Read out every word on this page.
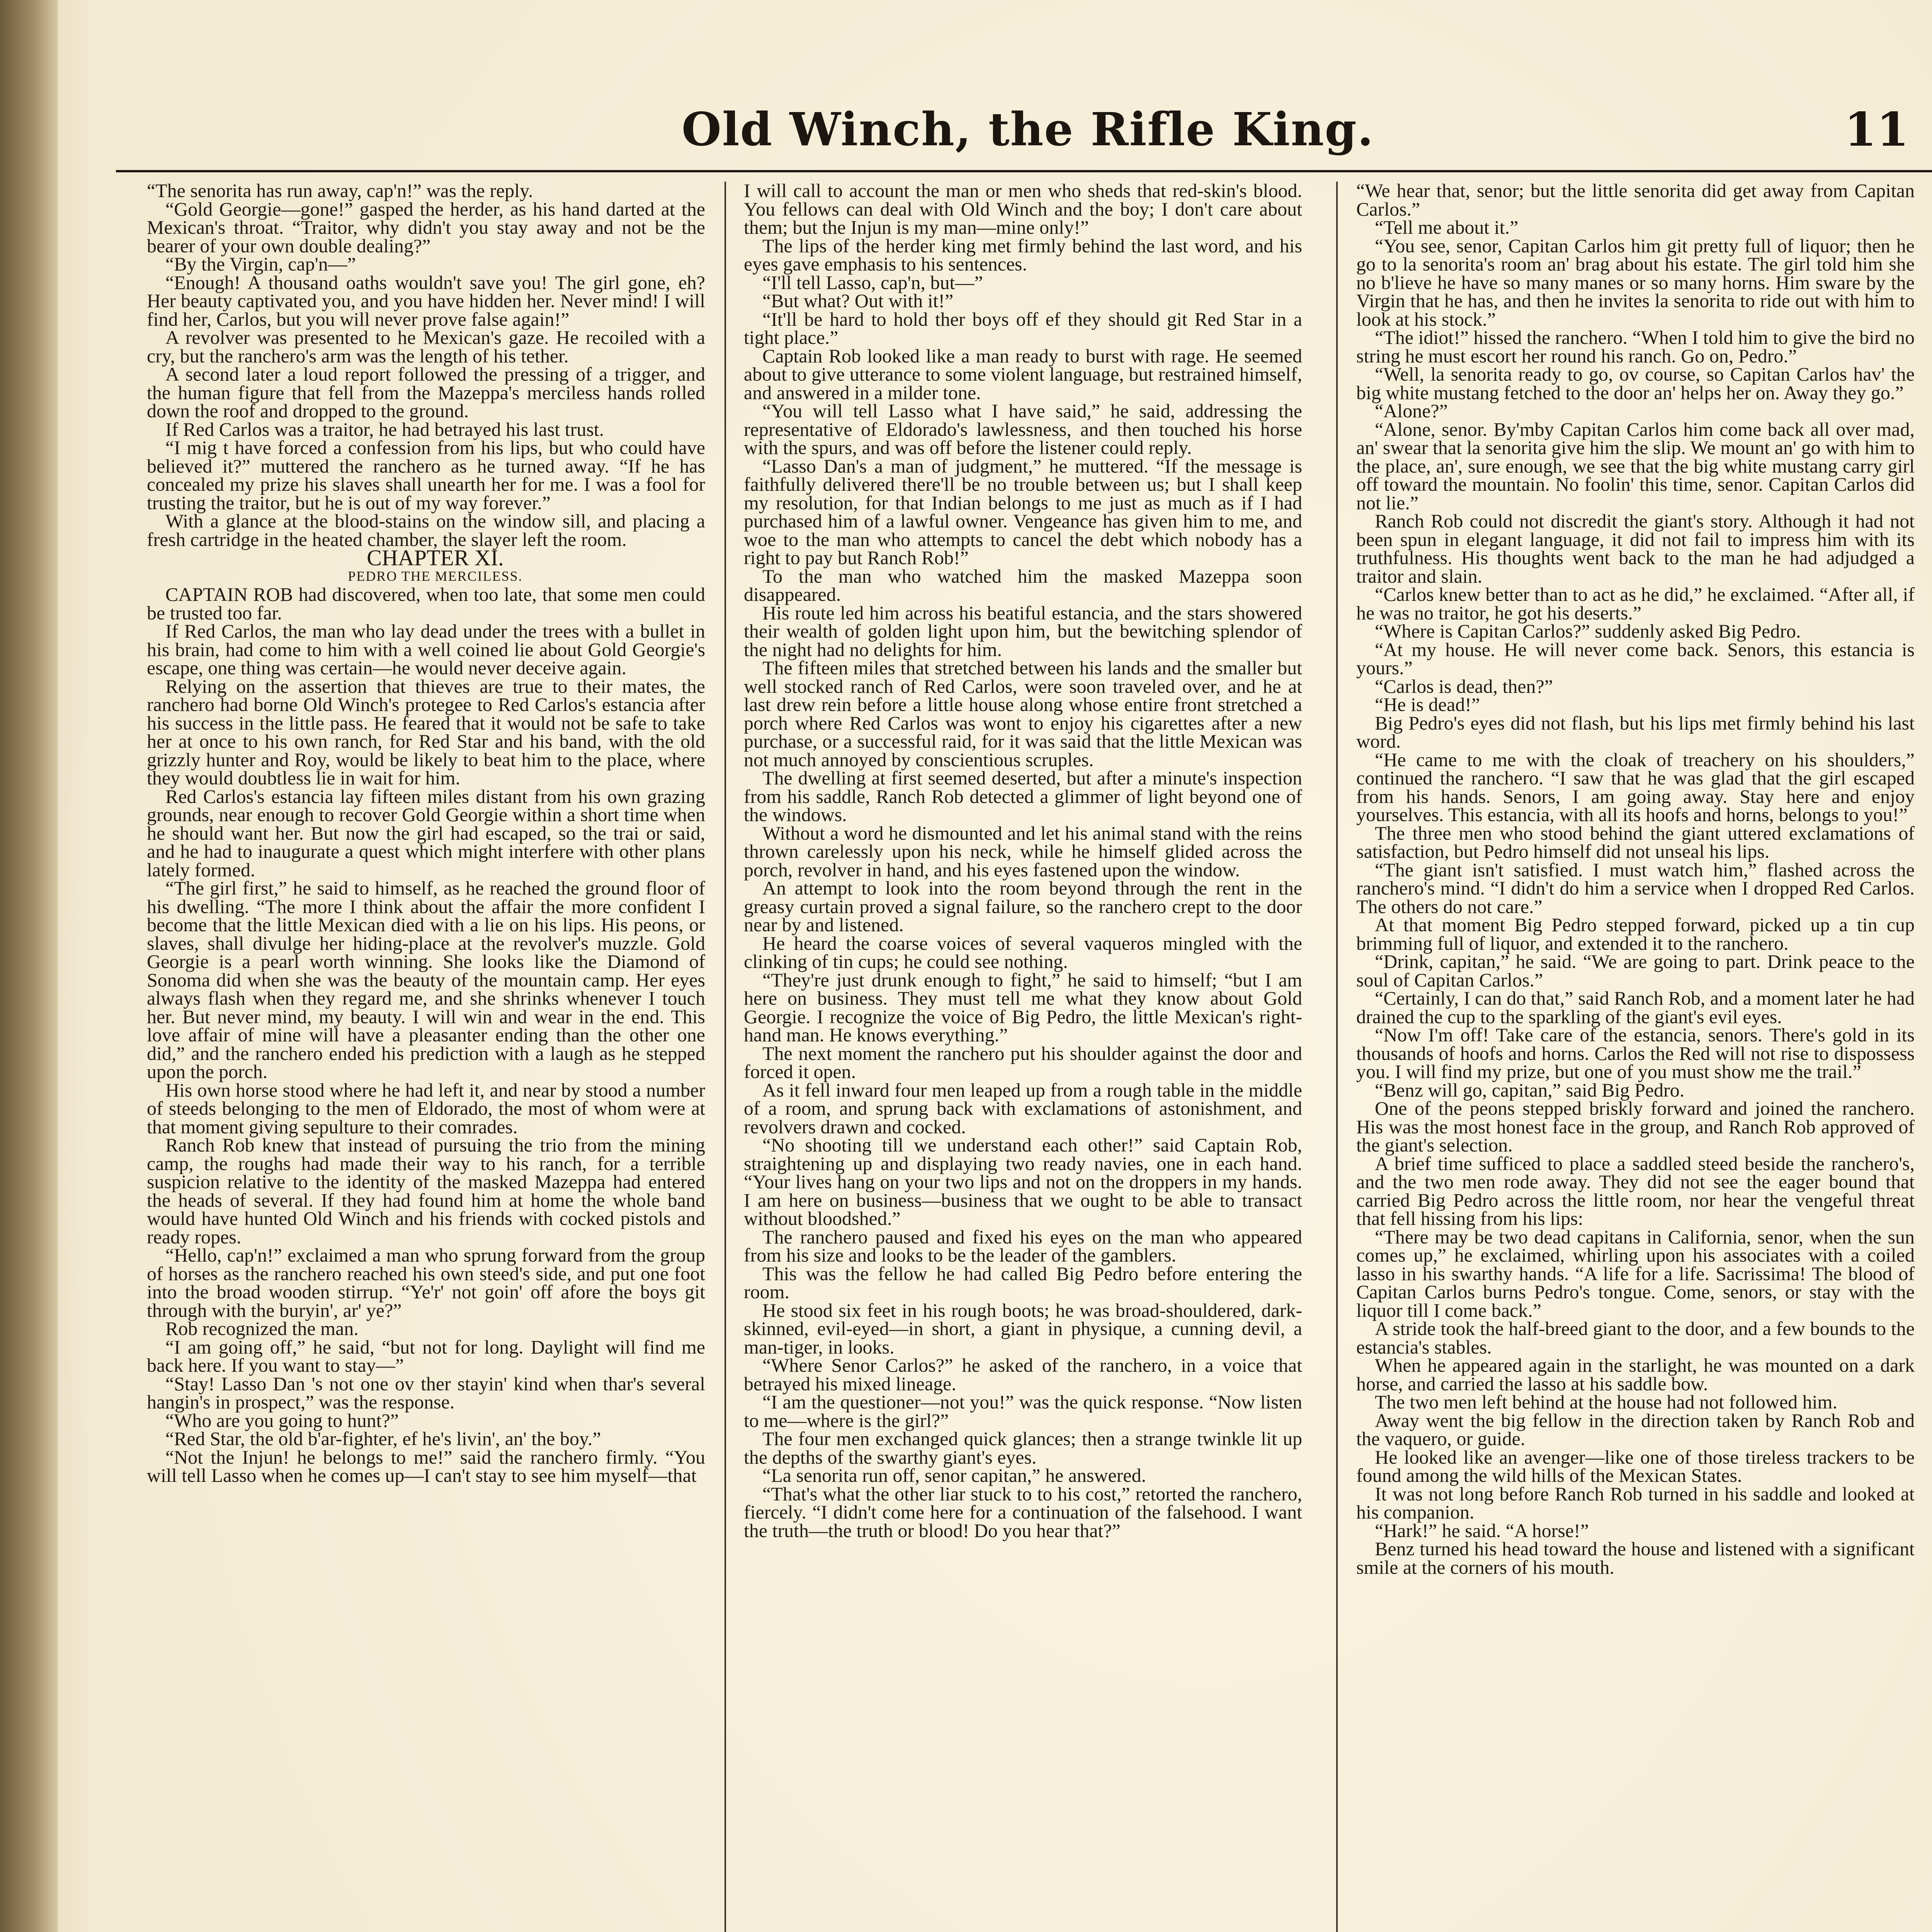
Old Winch, the Rifle King.	11

“The senorita has run away, cap'n!” was the reply.

“Gold Georgie—gone!” gasped the herder, as his hand darted at the Mexican's throat. “Traitor, why didn't you stay away and not be the bearer of your own double dealing?”

“By the Virgin, cap'n—”

“Enough! A thousand oaths wouldn't save you! The girl gone, eh? Her beauty captivated you, and you have hidden her. Never mind! I will find her, Carlos, but you will never prove false again!”

A revolver was presented to he Mexican's gaze. He recoiled with a cry, but the ranchero's arm was the length of his tether.

A second later a loud report followed the pressing of a trigger, and the human figure that fell from the Mazeppa's merciless hands rolled down the roof and dropped to the ground.

If Red Carlos was a traitor, he had betrayed his last trust.

“I mig t have forced a confession from his lips, but who could have believed it?” muttered the ranchero as he turned away. “If he has concealed my prize his slaves shall unearth her for me. I was a fool for trusting the traitor, but he is out of my way forever.”

With a glance at the blood-stains on the window sill, and placing a fresh cartridge in the heated chamber, the slayer left the room.

CHAPTER XI.

PEDRO THE MERCILESS.

CAPTAIN ROB had discovered, when too late, that some men could be trusted too far.

If Red Carlos, the man who lay dead under the trees with a bullet in his brain, had come to him with a well coined lie about Gold Georgie's escape, one thing was certain—he would never deceive again.

Relying on the assertion that thieves are true to their mates, the ranchero had borne Old Winch's protegee to Red Carlos's estancia after his success in the little pass. He feared that it would not be safe to take her at once to his own ranch, for Red Star and his band, with the old grizzly hunter and Roy, would be likely to beat him to the place, where they would doubtless lie in wait for him.

Red Carlos's estancia lay fifteen miles distant from his own grazing grounds, near enough to recover Gold Georgie within a short time when he should want her. But now the girl had escaped, so the trai or said, and he had to inaugurate a quest which might interfere with other plans lately formed.

“The girl first,” he said to himself, as he reached the ground floor of his dwelling. “The more I think about the affair the more confident I become that the little Mexican died with a lie on his lips. His peons, or slaves, shall divulge her hiding-place at the revolver's muzzle. Gold Georgie is a pearl worth winning. She looks like the Diamond of Sonoma did when she was the beauty of the mountain camp. Her eyes always flash when they regard me, and she shrinks whenever I touch her. But never mind, my beauty. I will win and wear in the end. This love affair of mine will have a pleasanter ending than the other one did,” and the ranchero ended his prediction with a laugh as he stepped upon the porch.

His own horse stood where he had left it, and near by stood a number of steeds belonging to the men of Eldorado, the most of whom were at that moment giving sepulture to their comrades.

Ranch Rob knew that instead of pursuing the trio from the mining camp, the roughs had made their way to his ranch, for a terrible suspicion relative to the identity of the masked Mazeppa had entered the heads of several. If they had found him at home the whole band would have hunted Old Winch and his friends with cocked pistols and ready ropes.

“Hello, cap'n!” exclaimed a man who sprung forward from the group of horses as the ranchero reached his own steed's side, and put one foot into the broad wooden stirrup. “Ye'r' not goin' off afore the boys git through with the buryin', ar' ye?”

Rob recognized the man.

“I am going off,” he said, “but not for long. Daylight will find me back here. If you want to stay—”

“Stay! Lasso Dan 's not one ov ther stayin' kind when thar's several hangin's in prospect,” was the response.

“Who are you going to hunt?”

“Red Star, the old b'ar-fighter, ef he's livin', an' the boy.”

“Not the Injun! he belongs to me!” said the ranchero firmly. “You will tell Lasso when he comes up—I can't stay to see him myself—that

I will call to account the man or men who sheds that red-skin's blood. You fellows can deal with Old Winch and the boy; I don't care about them; but the Injun is my man—mine only!”

The lips of the herder king met firmly behind the last word, and his eyes gave emphasis to his sentences.

“I'll tell Lasso, cap'n, but—”

“But what? Out with it!”

“It'll be hard to hold ther boys off ef they should git Red Star in a tight place.”

Captain Rob looked like a man ready to burst with rage. He seemed about to give utterance to some violent language, but restrained himself, and answered in a milder tone.

“You will tell Lasso what I have said,” he said, addressing the representative of Eldorado's lawlessness, and then touched his horse with the spurs, and was off before the listener could reply.

“Lasso Dan's a man of judgment,” he muttered. “If the message is faithfully delivered there'll be no trouble between us; but I shall keep my resolution, for that Indian belongs to me just as much as if I had purchased him of a lawful owner. Vengeance has given him to me, and woe to the man who attempts to cancel the debt which nobody has a right to pay but Ranch Rob!”

To the man who watched him the masked Mazeppa soon disappeared.

His route led him across his beatiful estancia, and the stars showered their wealth of golden light upon him, but the bewitching splendor of the night had no delights for him.

The fifteen miles that stretched between his lands and the smaller but well stocked ranch of Red Carlos, were soon traveled over, and he at last drew rein before a little house along whose entire front stretched a porch where Red Carlos was wont to enjoy his cigarettes after a new purchase, or a successful raid, for it was said that the little Mexican was not much annoyed by conscientious scruples.

The dwelling at first seemed deserted, but after a minute's inspection from his saddle, Ranch Rob detected a glimmer of light beyond one of the windows.

Without a word he dismounted and let his animal stand with the reins thrown carelessly upon his neck, while he himself glided across the porch, revolver in hand, and his eyes fastened upon the window.

An attempt to look into the room beyond through the rent in the greasy curtain proved a signal failure, so the ranchero crept to the door near by and listened.

He heard the coarse voices of several vaqueros mingled with the clinking of tin cups; he could see nothing.

“They're just drunk enough to fight,” he said to himself; “but I am here on business. They must tell me what they know about Gold Georgie. I recognize the voice of Big Pedro, the little Mexican's right-hand man. He knows everything.”

The next moment the ranchero put his shoulder against the door and forced it open.

As it fell inward four men leaped up from a rough table in the middle of a room, and sprung back with exclamations of astonishment, and revolvers drawn and cocked.

“No shooting till we understand each other!” said Captain Rob, straightening up and displaying two ready navies, one in each hand. “Your lives hang on your two lips and not on the droppers in my hands. I am here on business—business that we ought to be able to transact without bloodshed.”

The ranchero paused and fixed his eyes on the man who appeared from his size and looks to be the leader of the gamblers.

This was the fellow he had called Big Pedro before entering the room.

He stood six feet in his rough boots; he was broad-shouldered, dark-skinned, evil-eyed—in short, a giant in physique, a cunning devil, a man-tiger, in looks.

“Where Senor Carlos?” he asked of the ranchero, in a voice that betrayed his mixed lineage.

“I am the questioner—not you!” was the quick response. “Now listen to me—where is the girl?”

The four men exchanged quick glances; then a strange twinkle lit up the depths of the swarthy giant's eyes.

“La senorita run off, senor capitan,” he answered.

“That's what the other liar stuck to to his cost,” retorted the ranchero, fiercely. “I didn't come here for a continuation of the falsehood. I want the truth—the truth or blood! Do you hear that?”

“We hear that, senor; but the little senorita did get away from Capitan Carlos.”

“Tell me about it.”

“You see, senor, Capitan Carlos him git pretty full of liquor; then he go to la senorita's room an' brag about his estate. The girl told him she no b'lieve he have so many manes or so many horns. Him sware by the Virgin that he has, and then he invites la senorita to ride out with him to look at his stock.”

“The idiot!” hissed the ranchero. “When I told him to give the bird no string he must escort her round his ranch. Go on, Pedro.”

“Well, la senorita ready to go, ov course, so Capitan Carlos hav' the big white mustang fetched to the door an' helps her on. Away they go.”

“Alone?”

“Alone, senor. By'mby Capitan Carlos him come back all over mad, an' swear that la senorita give him the slip. We mount an' go with him to the place, an', sure enough, we see that the big white mustang carry girl off toward the mountain. No foolin' this time, senor. Capitan Carlos did not lie.”

Ranch Rob could not discredit the giant's story. Although it had not been spun in elegant language, it did not fail to impress him with its truthfulness. His thoughts went back to the man he had adjudged a traitor and slain.

“Carlos knew better than to act as he did,” he exclaimed. “After all, if he was no traitor, he got his deserts.”

“Where is Capitan Carlos?” suddenly asked Big Pedro.

“At my house. He will never come back. Senors, this estancia is yours.”

“Carlos is dead, then?”

“He is dead!”

Big Pedro's eyes did not flash, but his lips met firmly behind his last word.

“He came to me with the cloak of treachery on his shoulders,” continued the ranchero. “I saw that he was glad that the girl escaped from his hands. Senors, I am going away. Stay here and enjoy yourselves. This estancia, with all its hoofs and horns, belongs to you!”

The three men who stood behind the giant uttered exclamations of satisfaction, but Pedro himself did not unseal his lips.

“The giant isn't satisfied. I must watch him,” flashed across the ranchero's mind. “I didn't do him a service when I dropped Red Carlos. The others do not care.”

At that moment Big Pedro stepped forward, picked up a tin cup brimming full of liquor, and extended it to the ranchero.

“Drink, capitan,” he said. “We are going to part. Drink peace to the soul of Capitan Carlos.”

“Certainly, I can do that,” said Ranch Rob, and a moment later he had drained the cup to the sparkling of the giant's evil eyes.

“Now I'm off! Take care of the estancia, senors. There's gold in its thousands of hoofs and horns. Carlos the Red will not rise to dispossess you. I will find my prize, but one of you must show me the trail.”

“Benz will go, capitan,” said Big Pedro.

One of the peons stepped briskly forward and joined the ranchero. His was the most honest face in the group, and Ranch Rob approved of the giant's selection.

A brief time sufficed to place a saddled steed beside the ranchero's, and the two men rode away. They did not see the eager bound that carried Big Pedro across the little room, nor hear the vengeful threat that fell hissing from his lips:

“There may be two dead capitans in California, senor, when the sun comes up,” he exclaimed, whirling upon his associates with a coiled lasso in his swarthy hands. “A life for a life. Sacrissima! The blood of Capitan Carlos burns Pedro's tongue. Come, senors, or stay with the liquor till I come back.”

A stride took the half-breed giant to the door, and a few bounds to the estancia's stables.

When he appeared again in the starlight, he was mounted on a dark horse, and carried the lasso at his saddle bow.

The two men left behind at the house had not followed him.

Away went the big fellow in the direction taken by Ranch Rob and the vaquero, or guide.

He looked like an avenger—like one of those tireless trackers to be found among the wild hills of the Mexican States.

It was not long before Ranch Rob turned in his saddle and looked at his companion.

“Hark!” he said. “A horse!”

Benz turned his head toward the house and listened with a significant smile at the corners of his mouth.
